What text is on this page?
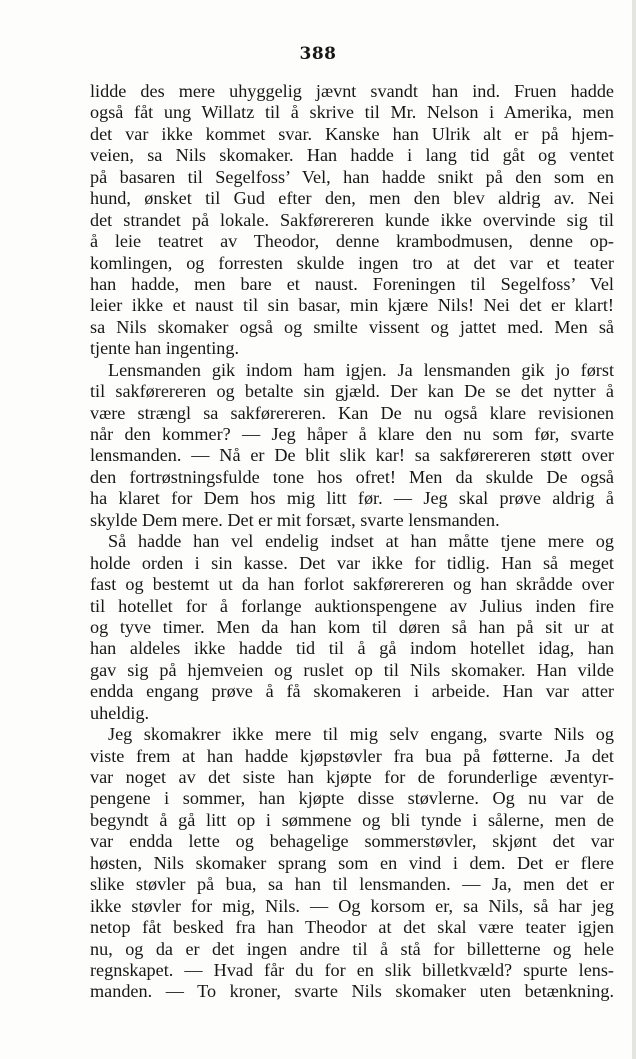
388
lidde des mere uhyggelig jævnt svandt han ind. Fruen hadde
også fåt ung Willatz til å skrive til Mr. Nelson i Amerika, men
det var ikke kommet svar. Kanske han Ulrik alt er på hjem-
veien, sa Nils skomaker. Han hadde i lang tid gåt og ventet
på basaren til Segelfoss’ Vel, han hadde snikt på den som en
hund, ønsket til Gud efter den, men den blev aldrig av. Nei
det strandet på lokale. Sakførereren kunde ikke overvinde sig til
å leie teatret av Theodor, denne krambodmusen, denne op-
komlingen, og forresten skulde ingen tro at det var et teater
han hadde, men bare et naust. Foreningen til Segelfoss’ Vel
leier ikke et naust til sin basar, min kjære Nils! Nei det er klart!
sa Nils skomaker også og smilte vissent og jattet med. Men så
tjente han ingenting.
Lensmanden gik indom ham igjen. Ja lensmanden gik jo først
til sakførereren og betalte sin gjæld. Der kan De se det nytter å
være strængl sa sakførereren. Kan De nu også klare revisionen
når den kommer? — Jeg håper å klare den nu som før, svarte
lensmanden. — Nå er De blit slik kar! sa sakførereren støtt over
den fortrøstningsfulde tone hos ofret! Men da skulde De også
ha klaret for Dem hos mig litt før. — Jeg skal prøve aldrig å
skylde Dem mere. Det er mit forsæt, svarte lensmanden.
Så hadde han vel endelig indset at han måtte tjene mere og
holde orden i sin kasse. Det var ikke for tidlig. Han så meget
fast og bestemt ut da han forlot sakførereren og han skrådde over
til hotellet for å forlange auktionspengene av Julius inden fire
og tyve timer. Men da han kom til døren så han på sit ur at
han aldeles ikke hadde tid til å gå indom hotellet idag, han
gav sig på hjemveien og ruslet op til Nils skomaker. Han vilde
endda engang prøve å få skomakeren i arbeide. Han var atter
uheldig.
Jeg skomakrer ikke mere til mig selv engang, svarte Nils og
viste frem at han hadde kjøpstøvler fra bua på føtterne. Ja det
var noget av det siste han kjøpte for de forunderlige æventyr-
pengene i sommer, han kjøpte disse støvlerne. Og nu var de
begyndt å gå litt op i sømmene og bli tynde i sålerne, men de
var endda lette og behagelige sommerstøvler, skjønt det var
høsten, Nils skomaker sprang som en vind i dem. Det er flere
slike støvler på bua, sa han til lensmanden. — Ja, men det er
ikke støvler for mig, Nils. — Og korsom er, sa Nils, så har jeg
netop fåt besked fra han Theodor at det skal være teater igjen
nu, og da er det ingen andre til å stå for billetterne og hele
regnskapet. — Hvad får du for en slik billetkvæld? spurte lens-
manden. — To kroner, svarte Nils skomaker uten betænkning.
